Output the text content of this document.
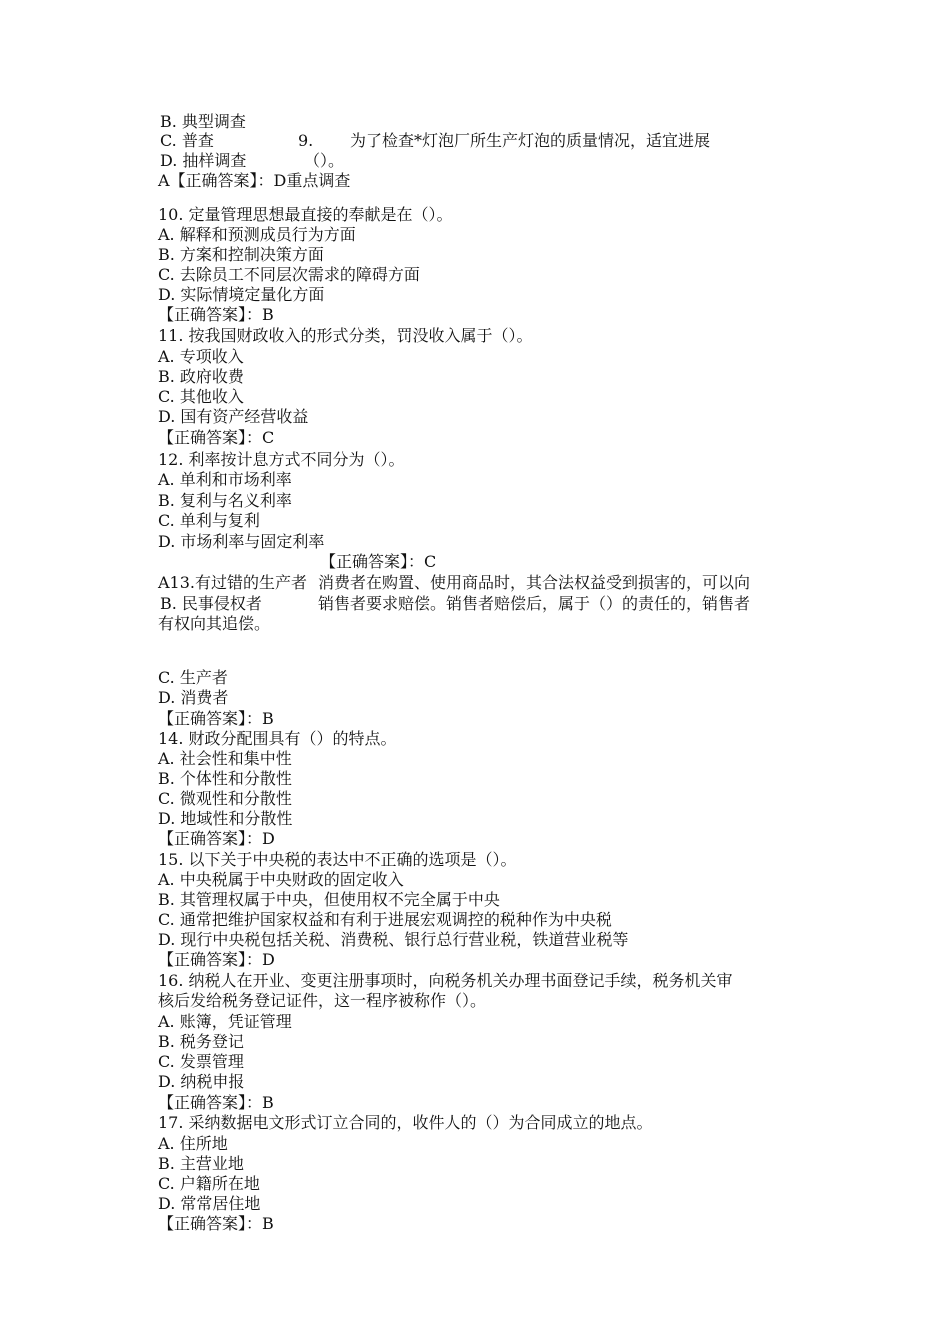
B. 典型调查
C. 普查	9. 为了检查*灯泡厂所生产灯泡的质量情况，适宜进展
D. 抽样调查	（）。
A【正确答案】：D重点调查
10. 定量管理思想最直接的奉献是在（）。
A. 解释和预测成员行为方面
B. 方案和控制决策方面
C. 去除员工不同层次需求的障碍方面
D. 实际情境定量化方面
【正确答案】：B
11. 按我国财政收入的形式分类，罚没收入属于（）。
A. 专项收入
B. 政府收费
C. 其他收入
D. 国有资产经营收益
【正确答案】：C
12. 利率按计息方式不同分为（）。
A. 单利和市场利率
B. 复利与名义利率
C. 单利与复利
D. 市场利率与固定利率
【正确答案】：C
A13.有过错的生产者 消费者在购置、使用商品时，其合法权益受到损害的，可以向
B. 民事侵权者	销售者要求赔偿。销售者赔偿后，属于（）的责任的，销售者
有权向其追偿。
C. 生产者
D. 消费者
【正确答案】：B
14. 财政分配围具有（）的特点。
A. 社会性和集中性
B. 个体性和分散性
C. 微观性和分散性
D. 地域性和分散性
【正确答案】：D
15. 以下关于中央税的表达中不正确的选项是（）。
A. 中央税属于中央财政的固定收入
B. 其管理权属于中央，但使用权不完全属于中央
C. 通常把维护国家权益和有利于进展宏观调控的税种作为中央税
D. 现行中央税包括关税、消费税、银行总行营业税，铁道营业税等
【正确答案】：D
16. 纳税人在开业、变更注册事项时，向税务机关办理书面登记手续，税务机关审
核后发给税务登记证件，这一程序被称作（）。
A. 账簿，凭证管理
B. 税务登记
C. 发票管理
D. 纳税申报
【正确答案】：B
17. 采纳数据电文形式订立合同的，收件人的（）为合同成立的地点。
A. 住所地
B. 主营业地
C. 户籍所在地
D. 常常居住地
【正确答案】：B
